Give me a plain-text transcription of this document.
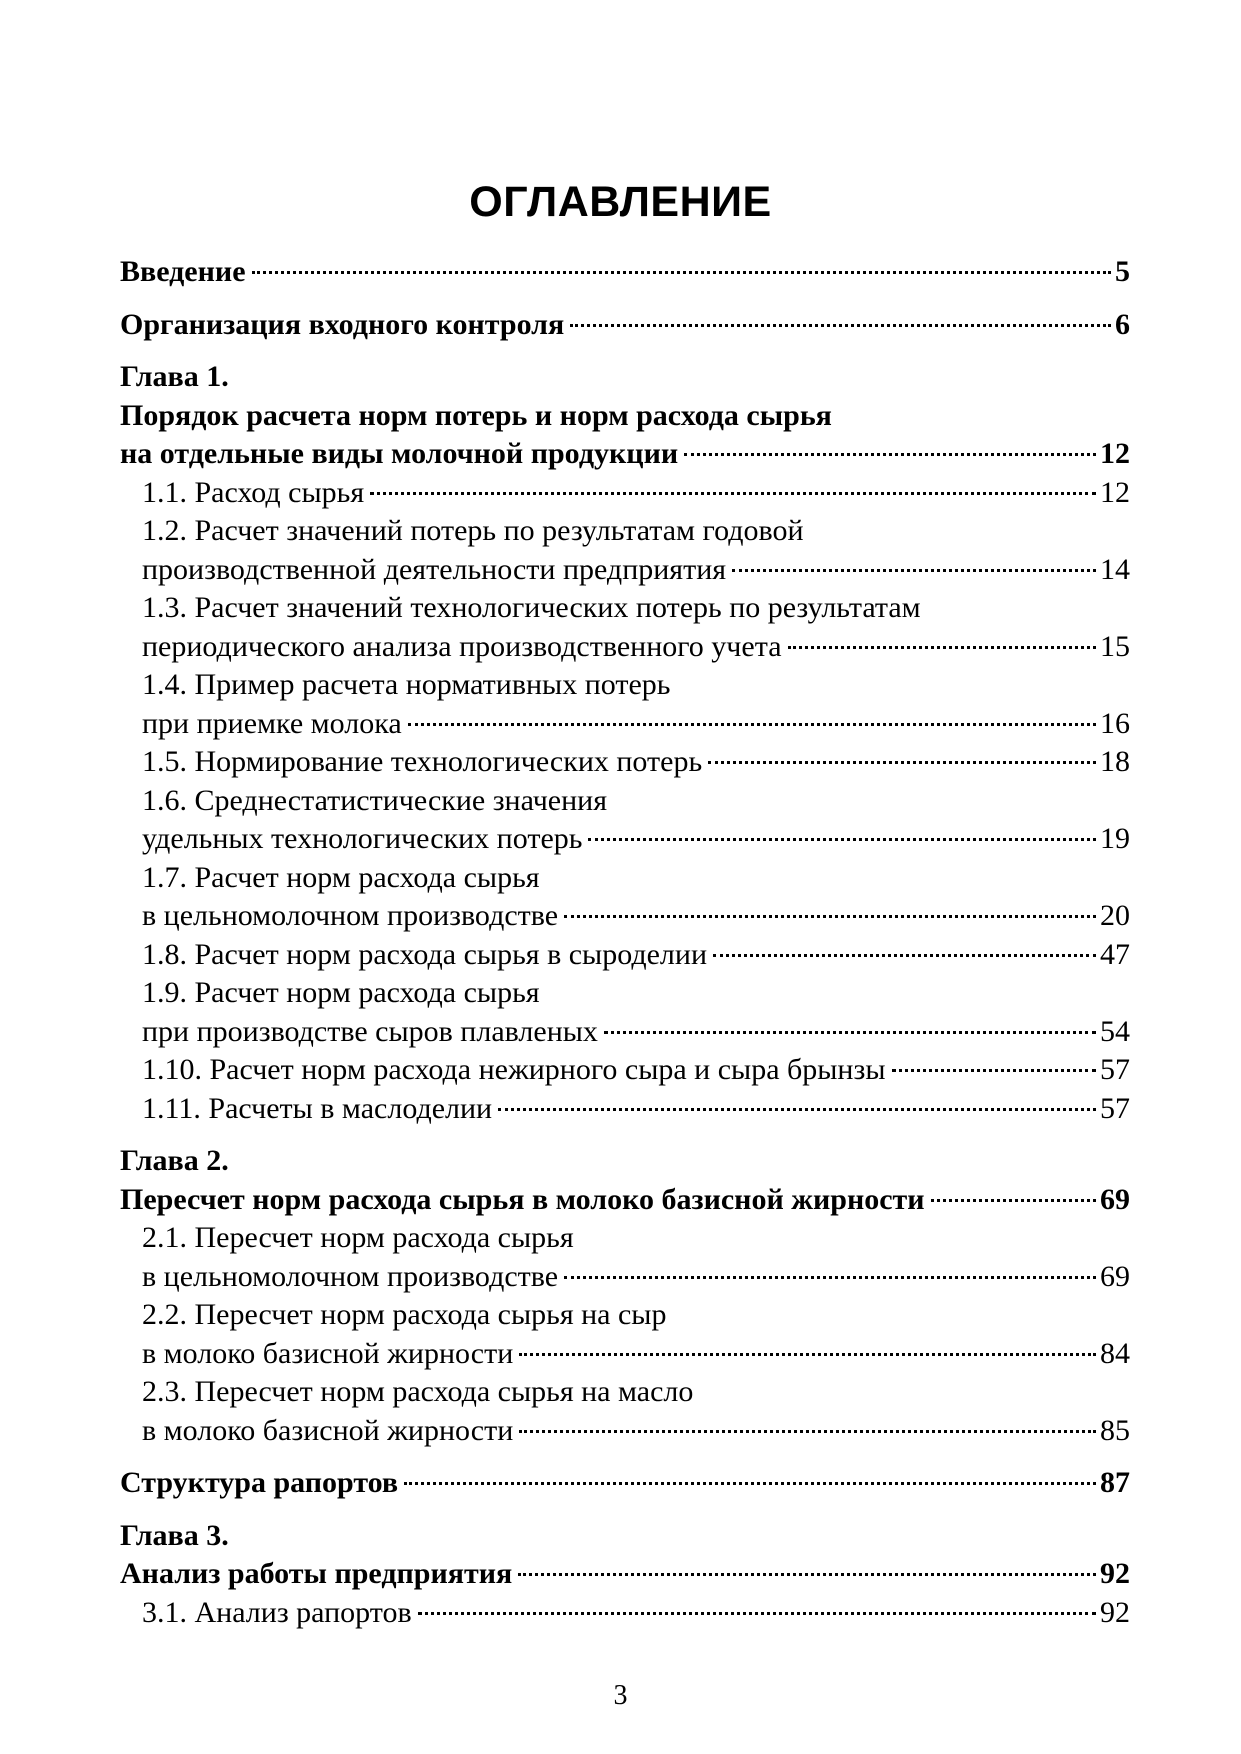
ОГЛАВЛЕНИЕ
Введение	5
Организация входного контроля	6
Глава 1.
Порядок расчета норм потерь и норм расхода сырья
на отдельные виды молочной продукции	12
1.1. Расход сырья	12
1.2. Расчет значений потерь по результатам годовой
производственной деятельности предприятия	14
1.3. Расчет значений технологических потерь по результатам
периодического анализа производственного учета	15
1.4. Пример расчета нормативных потерь
при приемке молока	16
1.5. Нормирование технологических потерь	18
1.6. Среднестатистические значения
удельных технологических потерь	19
1.7. Расчет норм расхода сырья
в цельномолочном производстве	20
1.8. Расчет норм расхода сырья в сыроделии	47
1.9. Расчет норм расхода сырья
при производстве сыров плавленых	54
1.10. Расчет норм расхода нежирного сыра и сыра брынзы	57
1.11. Расчеты в маслоделии	57
Глава 2.
Пересчет норм расхода сырья в молоко базисной жирности	69
2.1. Пересчет норм расхода сырья
в цельномолочном производстве	69
2.2. Пересчет норм расхода сырья на сыр
в молоко базисной жирности	84
2.3. Пересчет норм расхода сырья на масло
в молоко базисной жирности	85
Структура рапортов	87
Глава 3.
Анализ работы предприятия	92
3.1. Анализ рапортов	92
3
